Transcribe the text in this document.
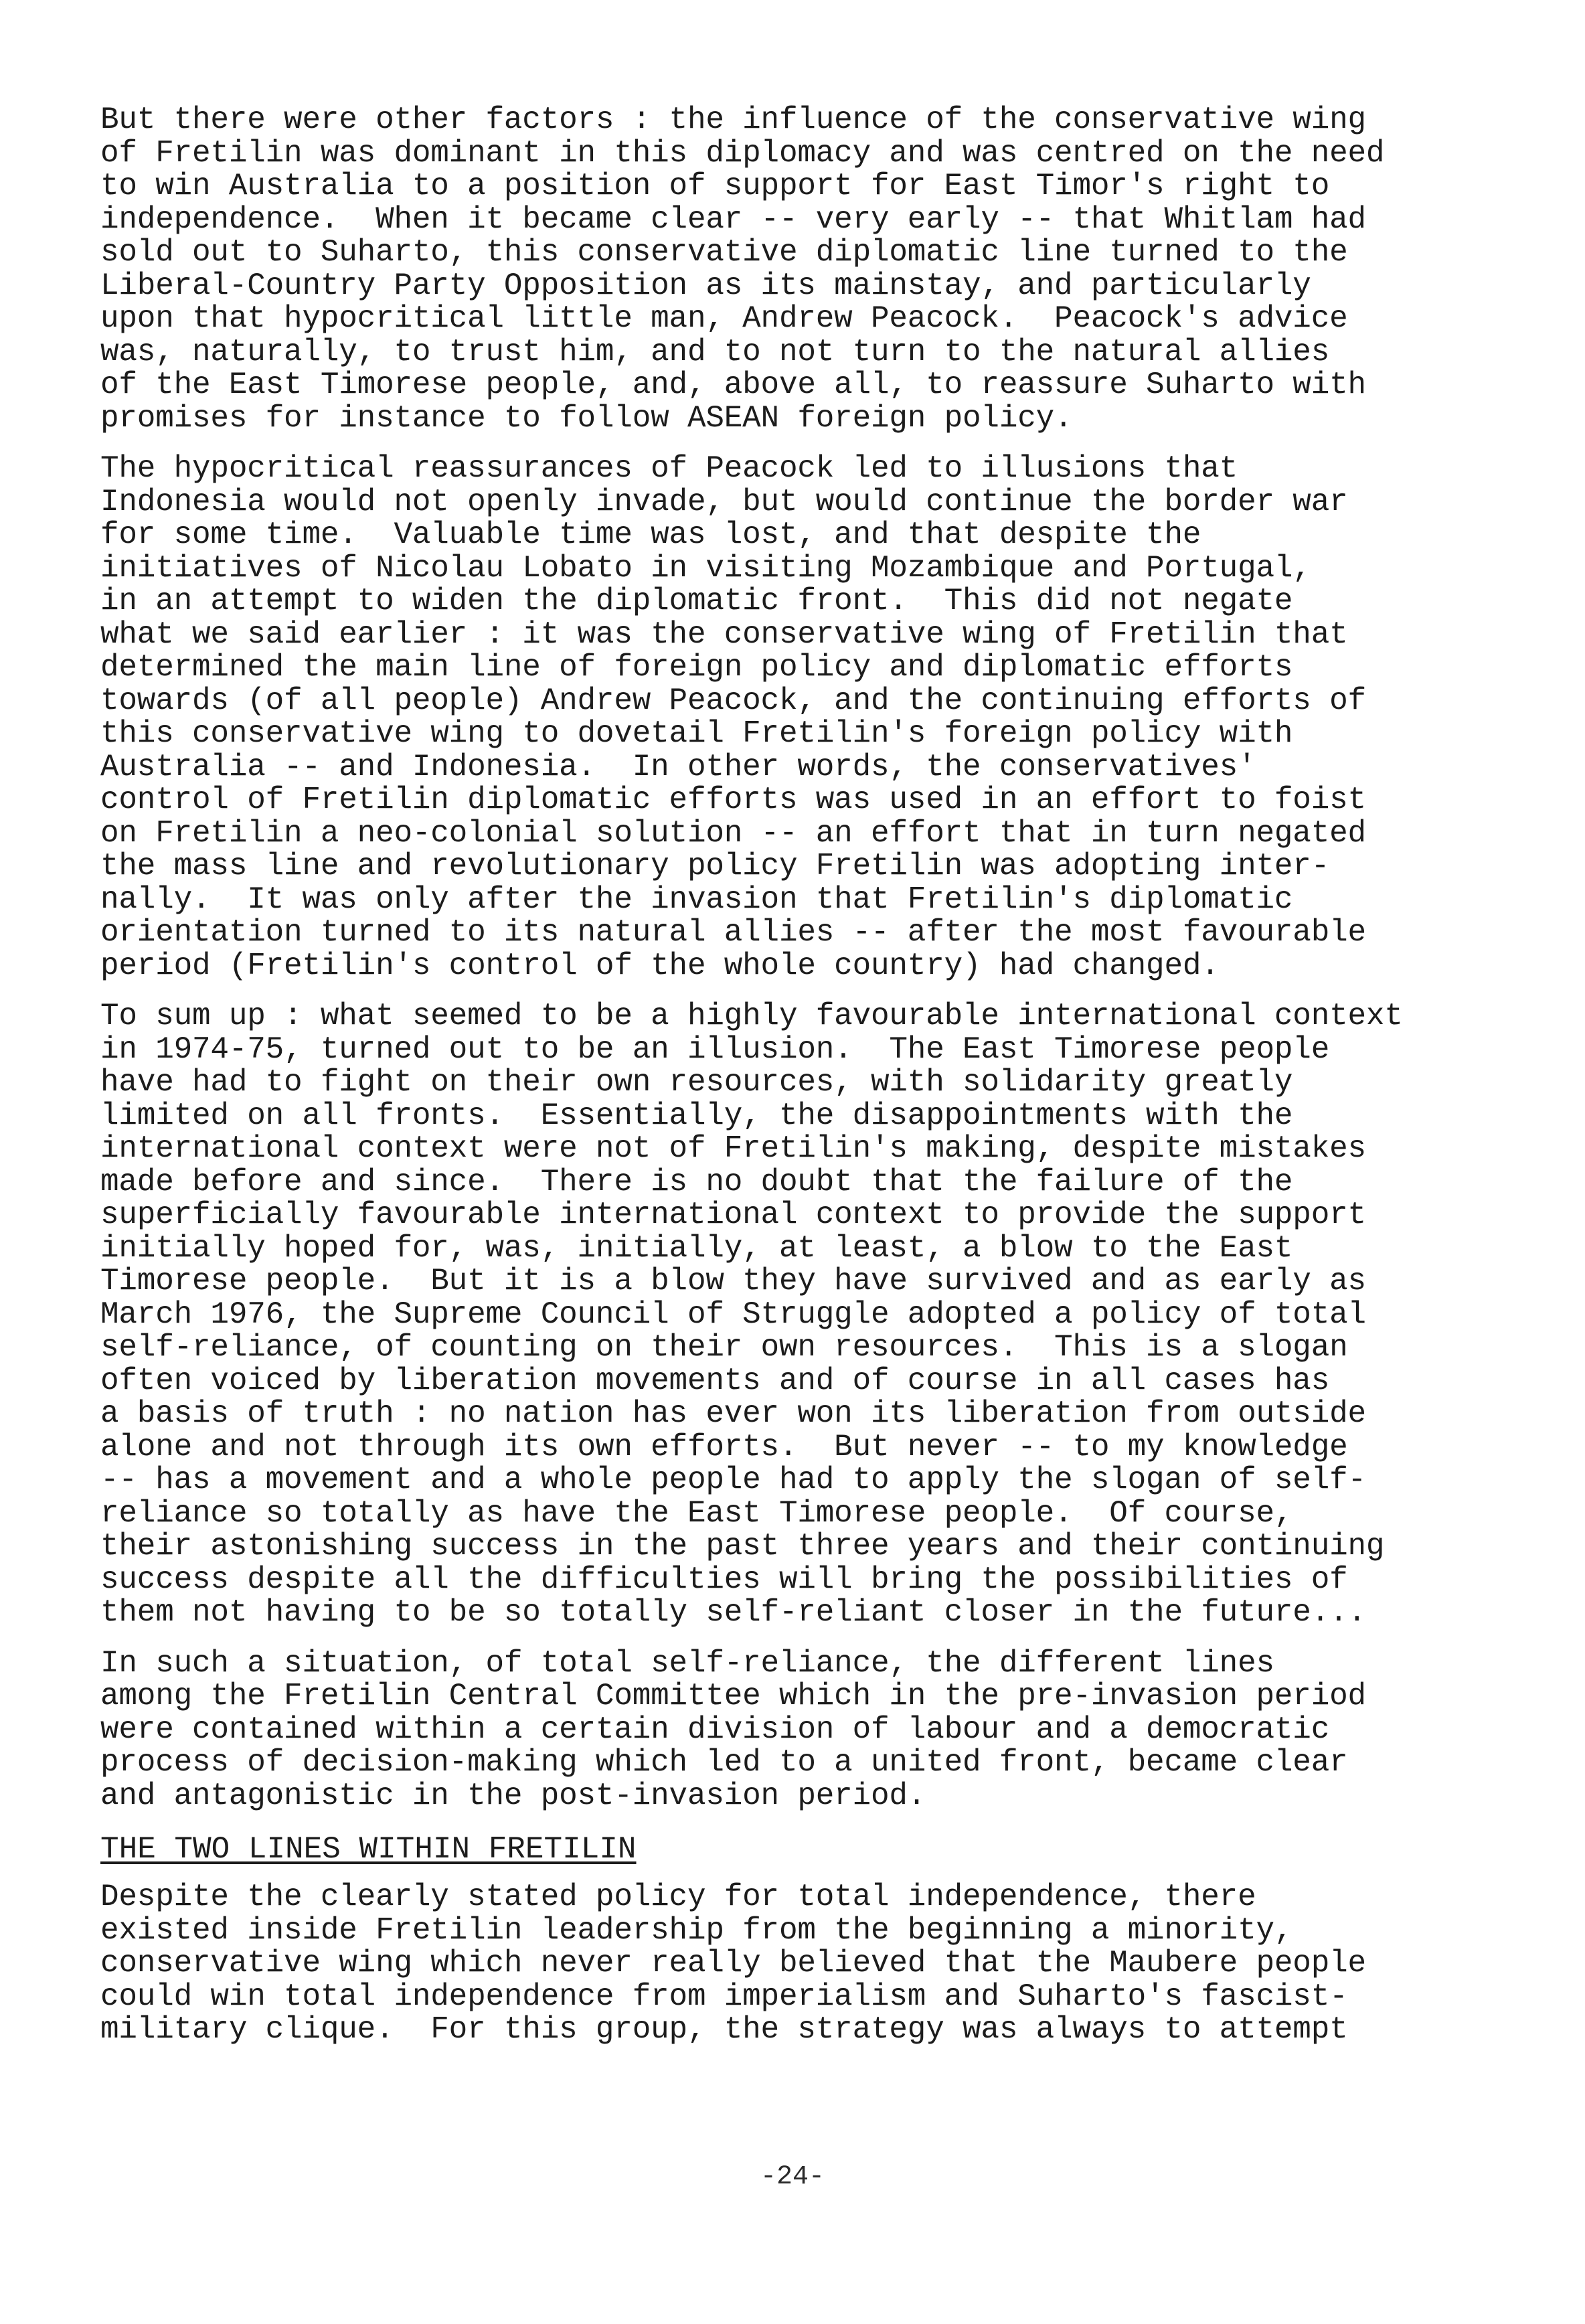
But there were other factors : the influence of the conservative wing
of Fretilin was dominant in this diplomacy and was centred on the need
to win Australia to a position of support for East Timor's right to
independence.  When it became clear -- very early -- that Whitlam had
sold out to Suharto, this conservative diplomatic line turned to the
Liberal-Country Party Opposition as its mainstay, and particularly
upon that hypocritical little man, Andrew Peacock.  Peacock's advice
was, naturally, to trust him, and to not turn to the natural allies
of the East Timorese people, and, above all, to reassure Suharto with
promises for instance to follow ASEAN foreign policy.

The hypocritical reassurances of Peacock led to illusions that
Indonesia would not openly invade, but would continue the border war
for some time.  Valuable time was lost, and that despite the
initiatives of Nicolau Lobato in visiting Mozambique and Portugal,
in an attempt to widen the diplomatic front.  This did not negate
what we said earlier : it was the conservative wing of Fretilin that
determined the main line of foreign policy and diplomatic efforts
towards (of all people) Andrew Peacock, and the continuing efforts of
this conservative wing to dovetail Fretilin's foreign policy with
Australia -- and Indonesia.  In other words, the conservatives'
control of Fretilin diplomatic efforts was used in an effort to foist
on Fretilin a neo-colonial solution -- an effort that in turn negated
the mass line and revolutionary policy Fretilin was adopting inter-
nally.  It was only after the invasion that Fretilin's diplomatic
orientation turned to its natural allies -- after the most favourable
period (Fretilin's control of the whole country) had changed.

To sum up : what seemed to be a highly favourable international context
in 1974-75, turned out to be an illusion.  The East Timorese people
have had to fight on their own resources, with solidarity greatly
limited on all fronts.  Essentially, the disappointments with the
international context were not of Fretilin's making, despite mistakes
made before and since.  There is no doubt that the failure of the
superficially favourable international context to provide the support
initially hoped for, was, initially, at least, a blow to the East
Timorese people.  But it is a blow they have survived and as early as
March 1976, the Supreme Council of Struggle adopted a policy of total
self-reliance, of counting on their own resources.  This is a slogan
often voiced by liberation movements and of course in all cases has
a basis of truth : no nation has ever won its liberation from outside
alone and not through its own efforts.  But never -- to my knowledge
-- has a movement and a whole people had to apply the slogan of self-
reliance so totally as have the East Timorese people.  Of course,
their astonishing success in the past three years and their continuing
success despite all the difficulties will bring the possibilities of
them not having to be so totally self-reliant closer in the future...

In such a situation, of total self-reliance, the different lines
among the Fretilin Central Committee which in the pre-invasion period
were contained within a certain division of labour and a democratic
process of decision-making which led to a united front, became clear
and antagonistic in the post-invasion period.

THE TWO LINES WITHIN FRETILIN

Despite the clearly stated policy for total independence, there
existed inside Fretilin leadership from the beginning a minority,
conservative wing which never really believed that the Maubere people
could win total independence from imperialism and Suharto's fascist-
military clique.  For this group, the strategy was always to attempt

-24-
